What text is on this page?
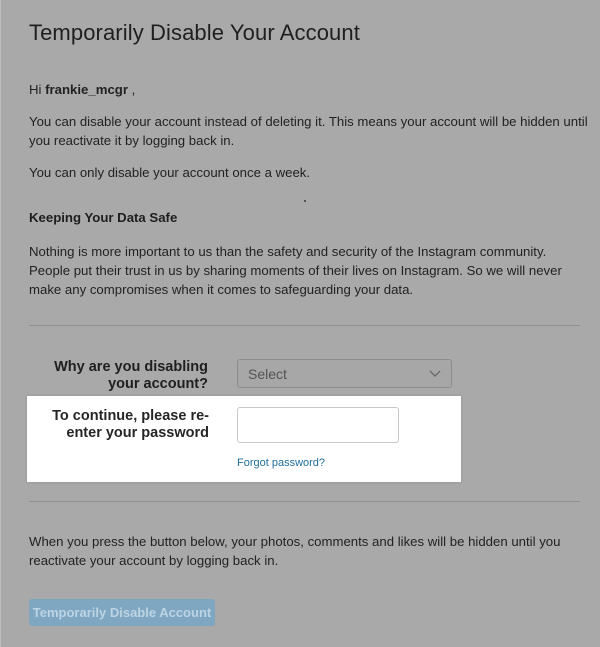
Temporarily Disable Your Account

Hi frankie_mcgr ,

You can disable your account instead of deleting it. This means your account will be hidden until you reactivate it by logging back in.

You can only disable your account once a week.

Keeping Your Data Safe

Nothing is more important to us than the safety and security of the Instagram community. People put their trust in us by sharing moments of their lives on Instagram. So we will never make any compromises when it comes to safeguarding your data.

Why are you disabling your account?
Select
To continue, please re-enter your password
Forgot password?

When you press the button below, your photos, comments and likes will be hidden until you reactivate your account by logging back in.

Temporarily Disable Account
